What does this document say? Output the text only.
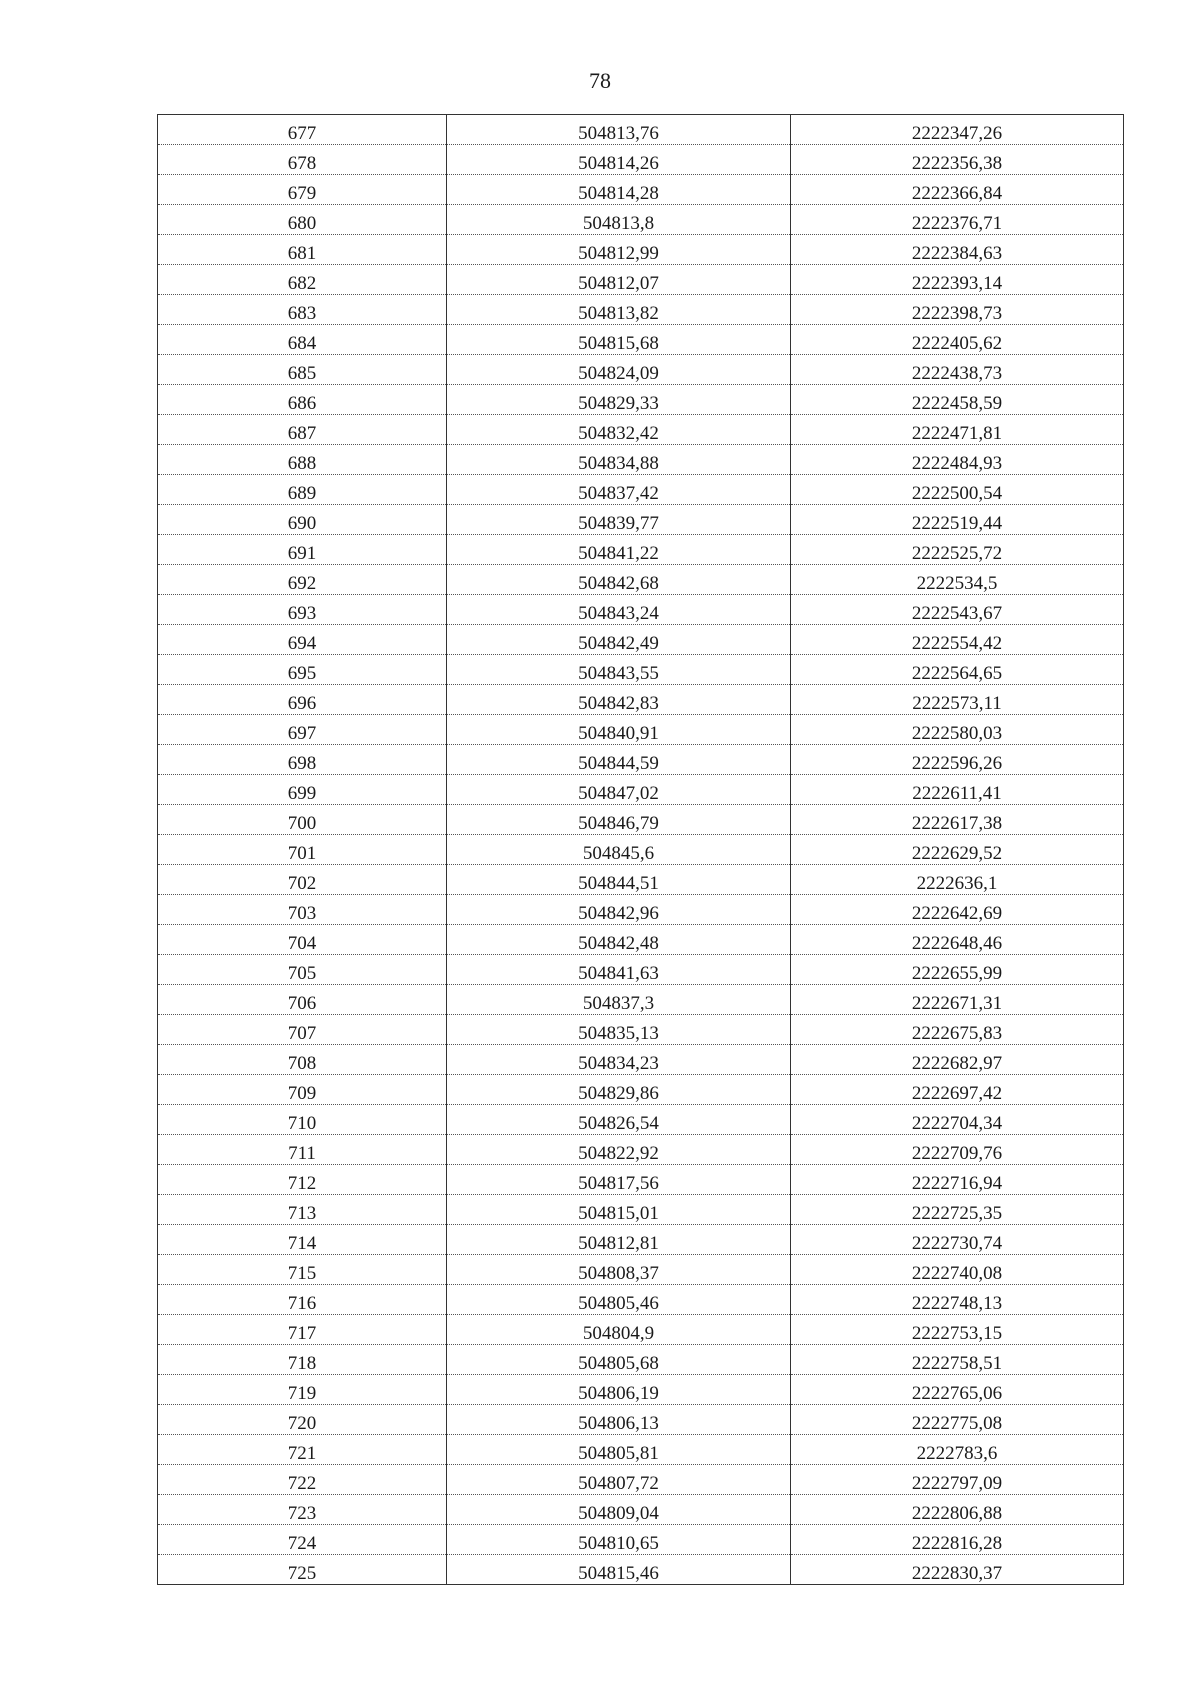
78
677	504813,76	2222347,26
678	504814,26	2222356,38
679	504814,28	2222366,84
680	504813,8	2222376,71
681	504812,99	2222384,63
682	504812,07	2222393,14
683	504813,82	2222398,73
684	504815,68	2222405,62
685	504824,09	2222438,73
686	504829,33	2222458,59
687	504832,42	2222471,81
688	504834,88	2222484,93
689	504837,42	2222500,54
690	504839,77	2222519,44
691	504841,22	2222525,72
692	504842,68	2222534,5
693	504843,24	2222543,67
694	504842,49	2222554,42
695	504843,55	2222564,65
696	504842,83	2222573,11
697	504840,91	2222580,03
698	504844,59	2222596,26
699	504847,02	2222611,41
700	504846,79	2222617,38
701	504845,6	2222629,52
702	504844,51	2222636,1
703	504842,96	2222642,69
704	504842,48	2222648,46
705	504841,63	2222655,99
706	504837,3	2222671,31
707	504835,13	2222675,83
708	504834,23	2222682,97
709	504829,86	2222697,42
710	504826,54	2222704,34
711	504822,92	2222709,76
712	504817,56	2222716,94
713	504815,01	2222725,35
714	504812,81	2222730,74
715	504808,37	2222740,08
716	504805,46	2222748,13
717	504804,9	2222753,15
718	504805,68	2222758,51
719	504806,19	2222765,06
720	504806,13	2222775,08
721	504805,81	2222783,6
722	504807,72	2222797,09
723	504809,04	2222806,88
724	504810,65	2222816,28
725	504815,46	2222830,37
